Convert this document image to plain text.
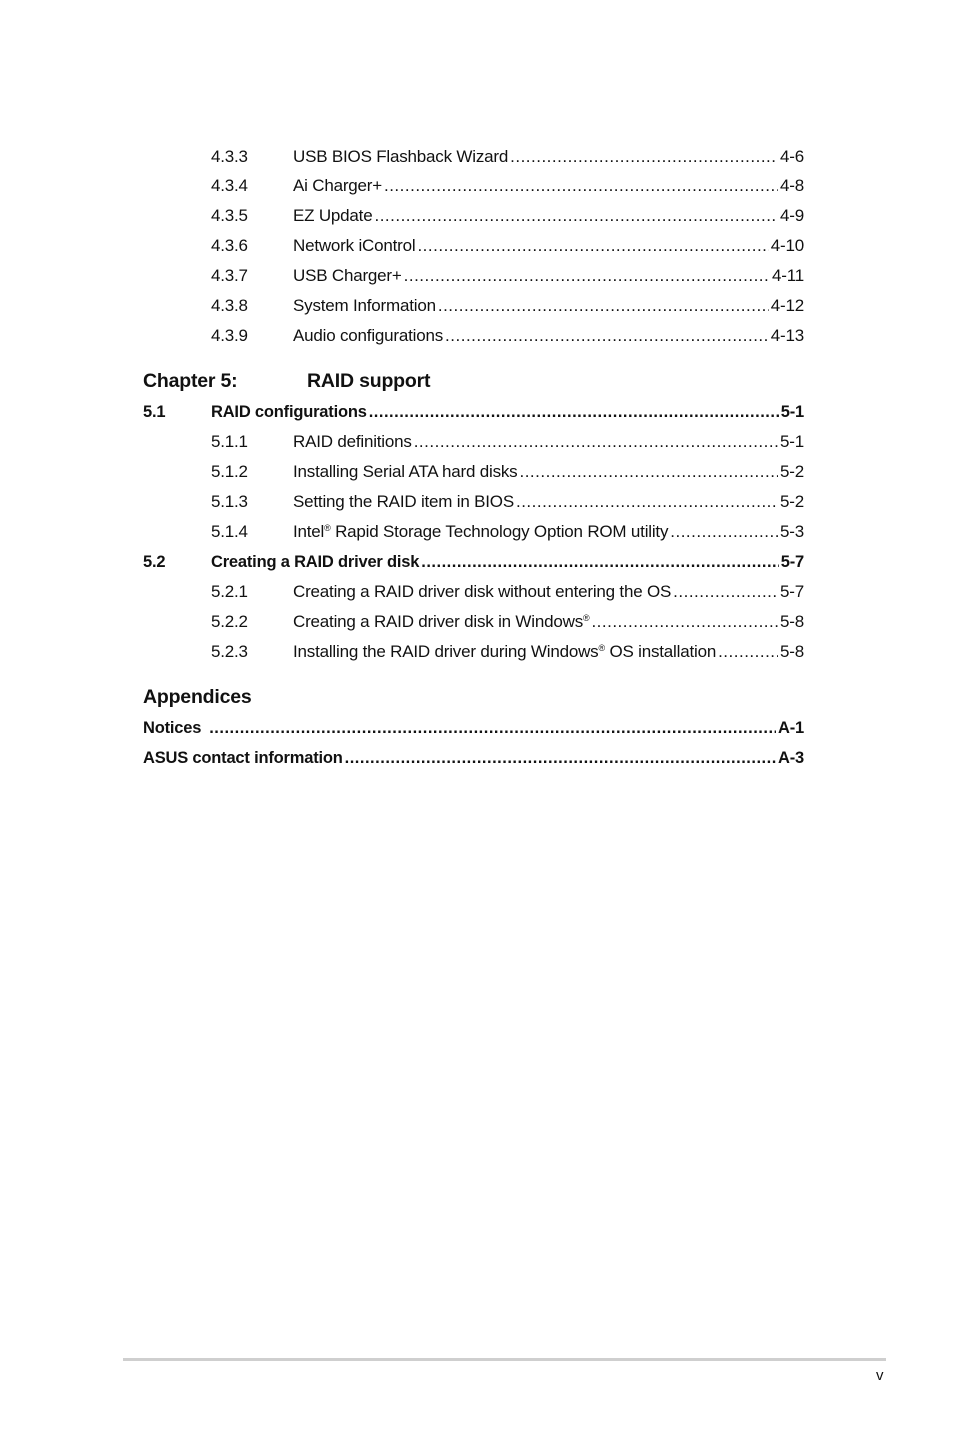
4.3.3	USB BIOS Flashback Wizard .....	4-6
4.3.4	Ai Charger+ .....	4-8
4.3.5	EZ Update .....	4-9
4.3.6	Network iControl .....	4-10
4.3.7	USB Charger+ .....	4-11
4.3.8	System Information .....	4-12
4.3.9	Audio configurations .....	4-13
Chapter 5:	RAID support
5.1	RAID configurations .....	5-1
5.1.1	RAID definitions .....	5-1
5.1.2	Installing Serial ATA hard disks .....	5-2
5.1.3	Setting the RAID item in BIOS .....	5-2
5.1.4	Intel® Rapid Storage Technology Option ROM utility .....	5-3
5.2	Creating a RAID driver disk .....	5-7
5.2.1	Creating a RAID driver disk without entering the OS .....	5-7
5.2.2	Creating a RAID driver disk in Windows® .....	5-8
5.2.3	Installing the RAID driver during Windows® OS installation .....	5-8
Appendices
Notices .....	A-1
ASUS contact information .....	A-3
v
